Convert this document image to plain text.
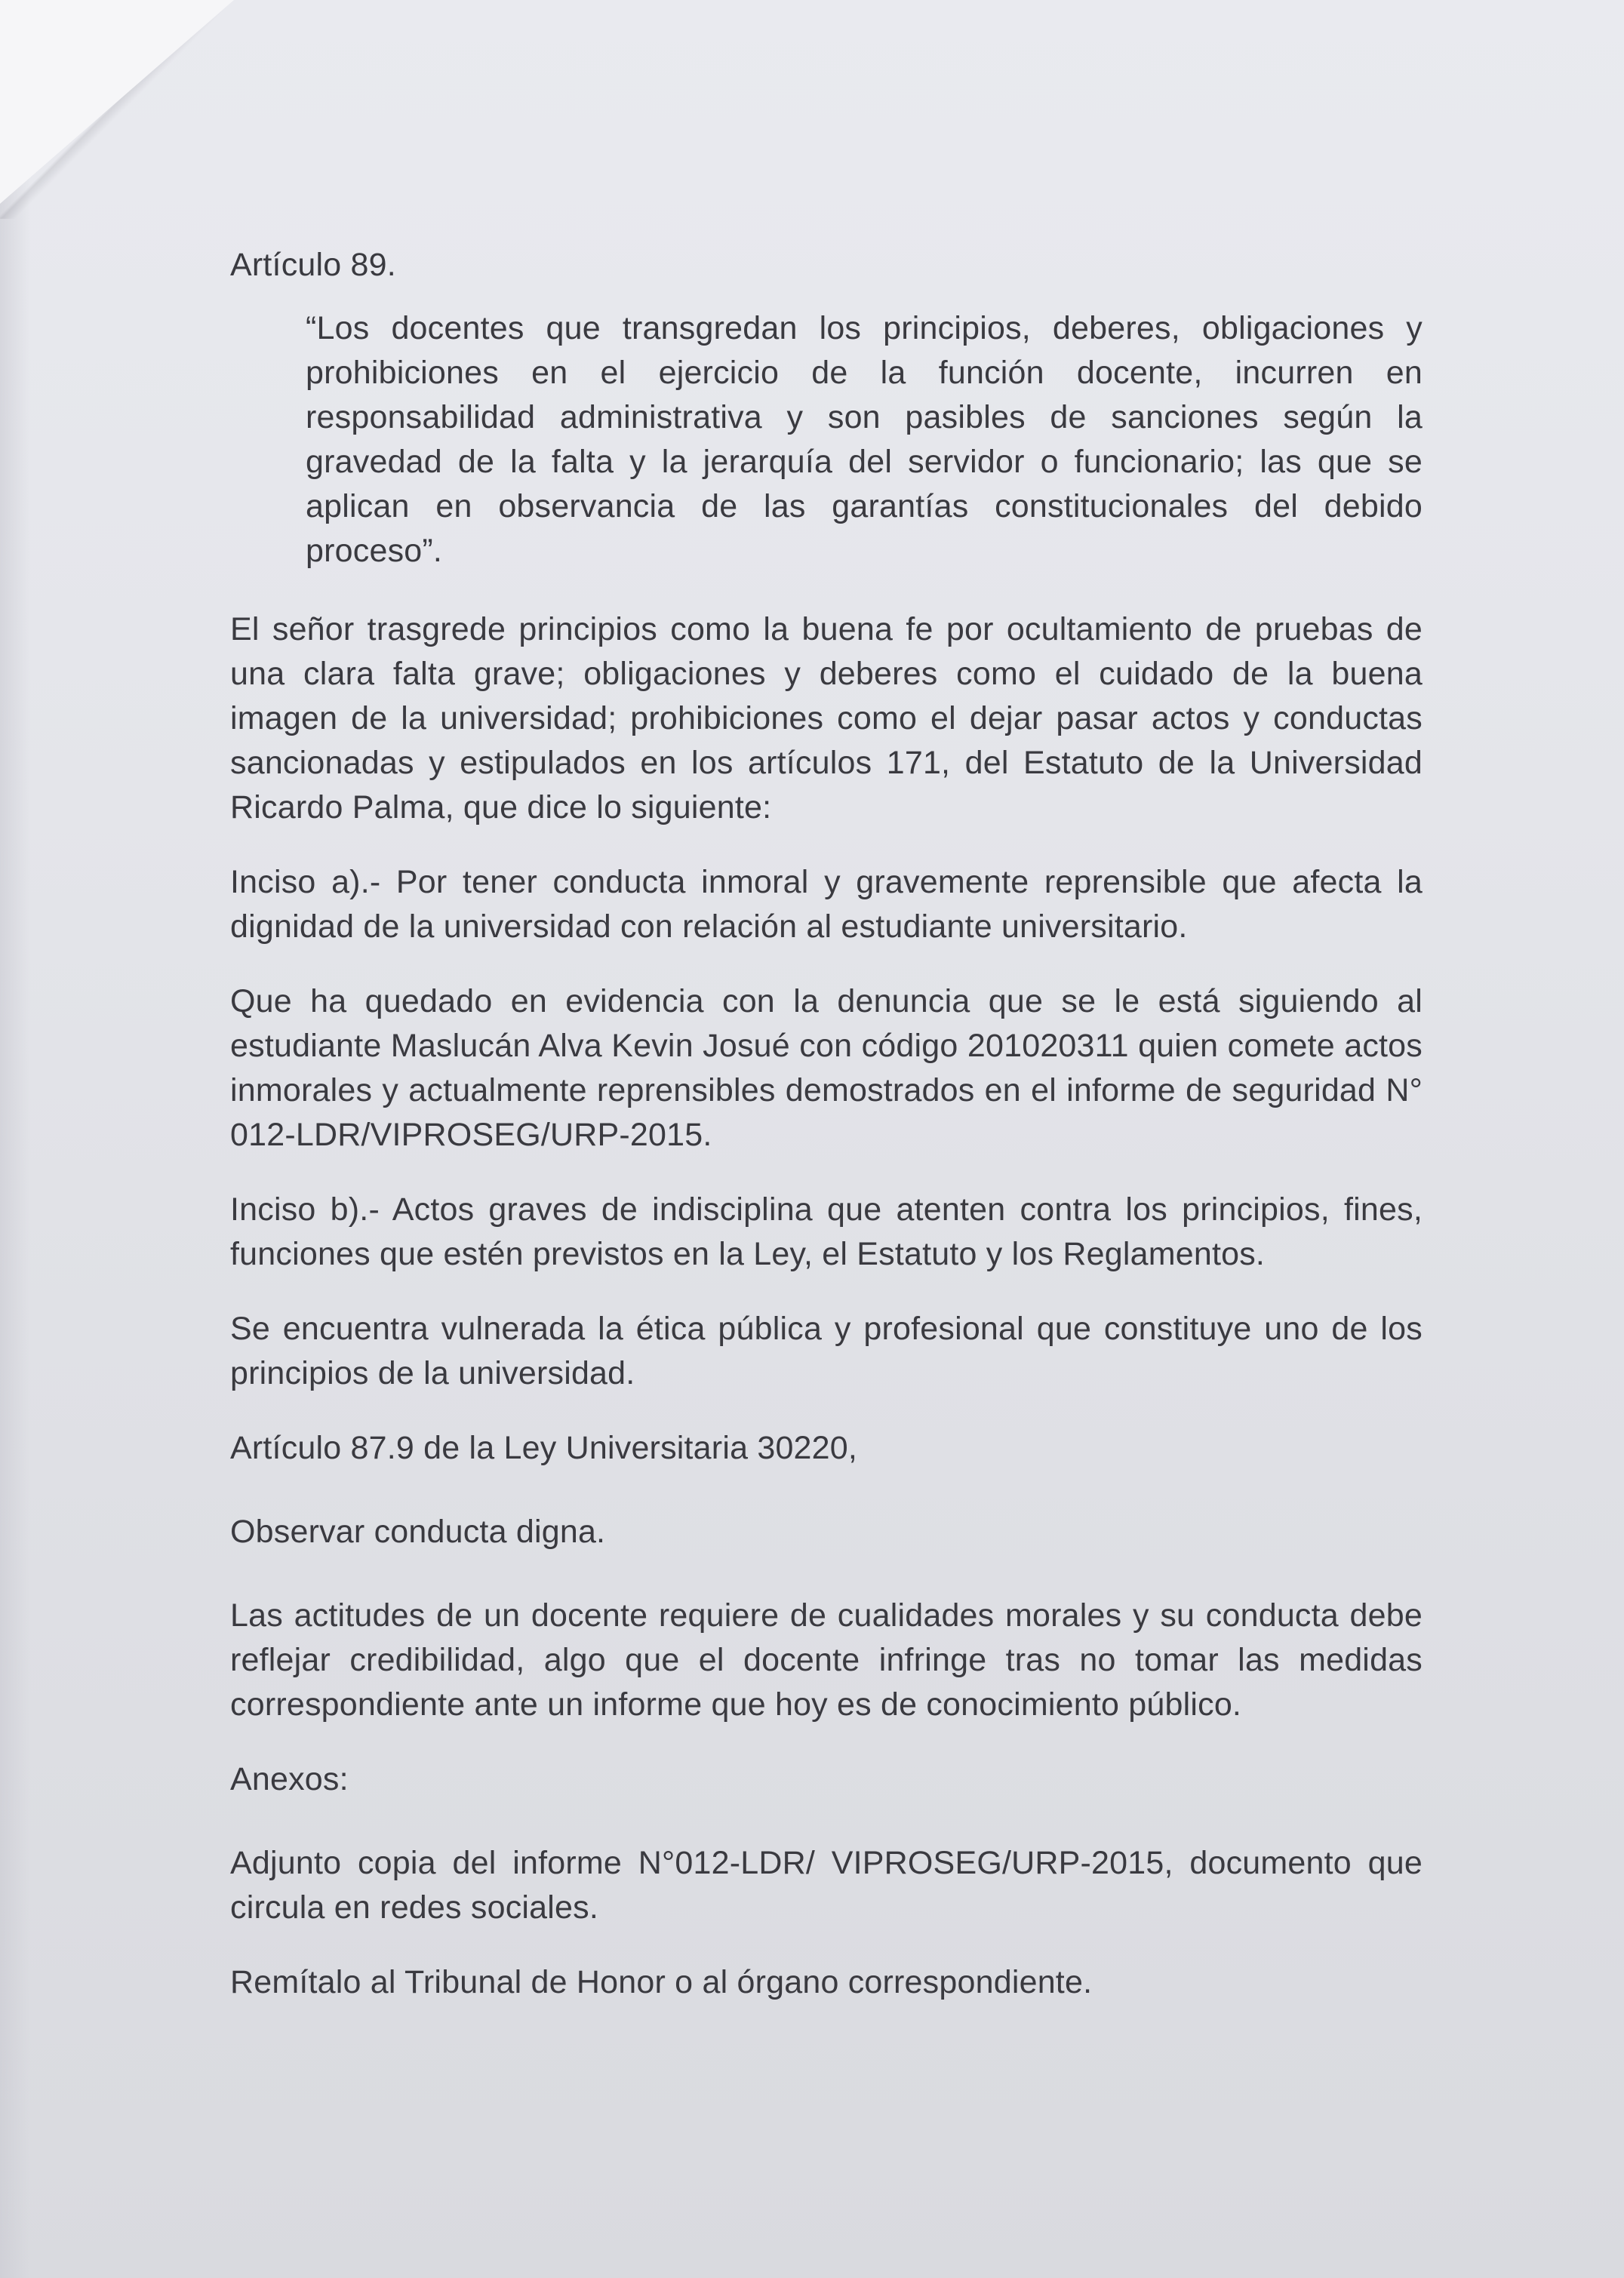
Artículo 89.

“Los docentes que transgredan los principios, deberes, obligaciones y prohibiciones en el ejercicio de la función docente, incurren en responsabilidad administrativa y son pasibles de sanciones según la gravedad de la falta y la jerarquía del servidor o funcionario; las que se aplican en observancia de las garantías constitucionales del debido proceso”.

El señor trasgrede principios como la buena fe por ocultamiento de pruebas de una clara falta grave; obligaciones y deberes como el cuidado de la buena imagen de la universidad; prohibiciones como el dejar pasar actos y conductas sancionadas y estipulados en los artículos 171, del Estatuto de la Universidad Ricardo Palma, que dice lo siguiente:

Inciso a).- Por tener conducta inmoral y gravemente reprensible que afecta la dignidad de la universidad con relación al estudiante universitario.

Que ha quedado en evidencia con la denuncia que se le está siguiendo al estudiante Maslucán Alva Kevin Josué con código 201020311 quien comete actos inmorales y actualmente reprensibles demostrados en el informe de seguridad N° 012-LDR/VIPROSEG/URP-2015.

Inciso b).- Actos graves de indisciplina que atenten contra los principios, fines, funciones que estén previstos en la Ley, el Estatuto y los Reglamentos.

Se encuentra vulnerada la ética pública y profesional que constituye uno de los principios de la universidad.

Artículo 87.9 de la Ley Universitaria 30220,

Observar conducta digna.

Las actitudes de un docente requiere de cualidades morales y su conducta debe reflejar credibilidad, algo que el docente infringe tras no tomar las medidas correspondiente ante un informe que hoy es de conocimiento público.

Anexos:

Adjunto copia del informe N°012-LDR/ VIPROSEG/URP-2015, documento que circula en redes sociales.

Remítalo al Tribunal de Honor o al órgano correspondiente.
